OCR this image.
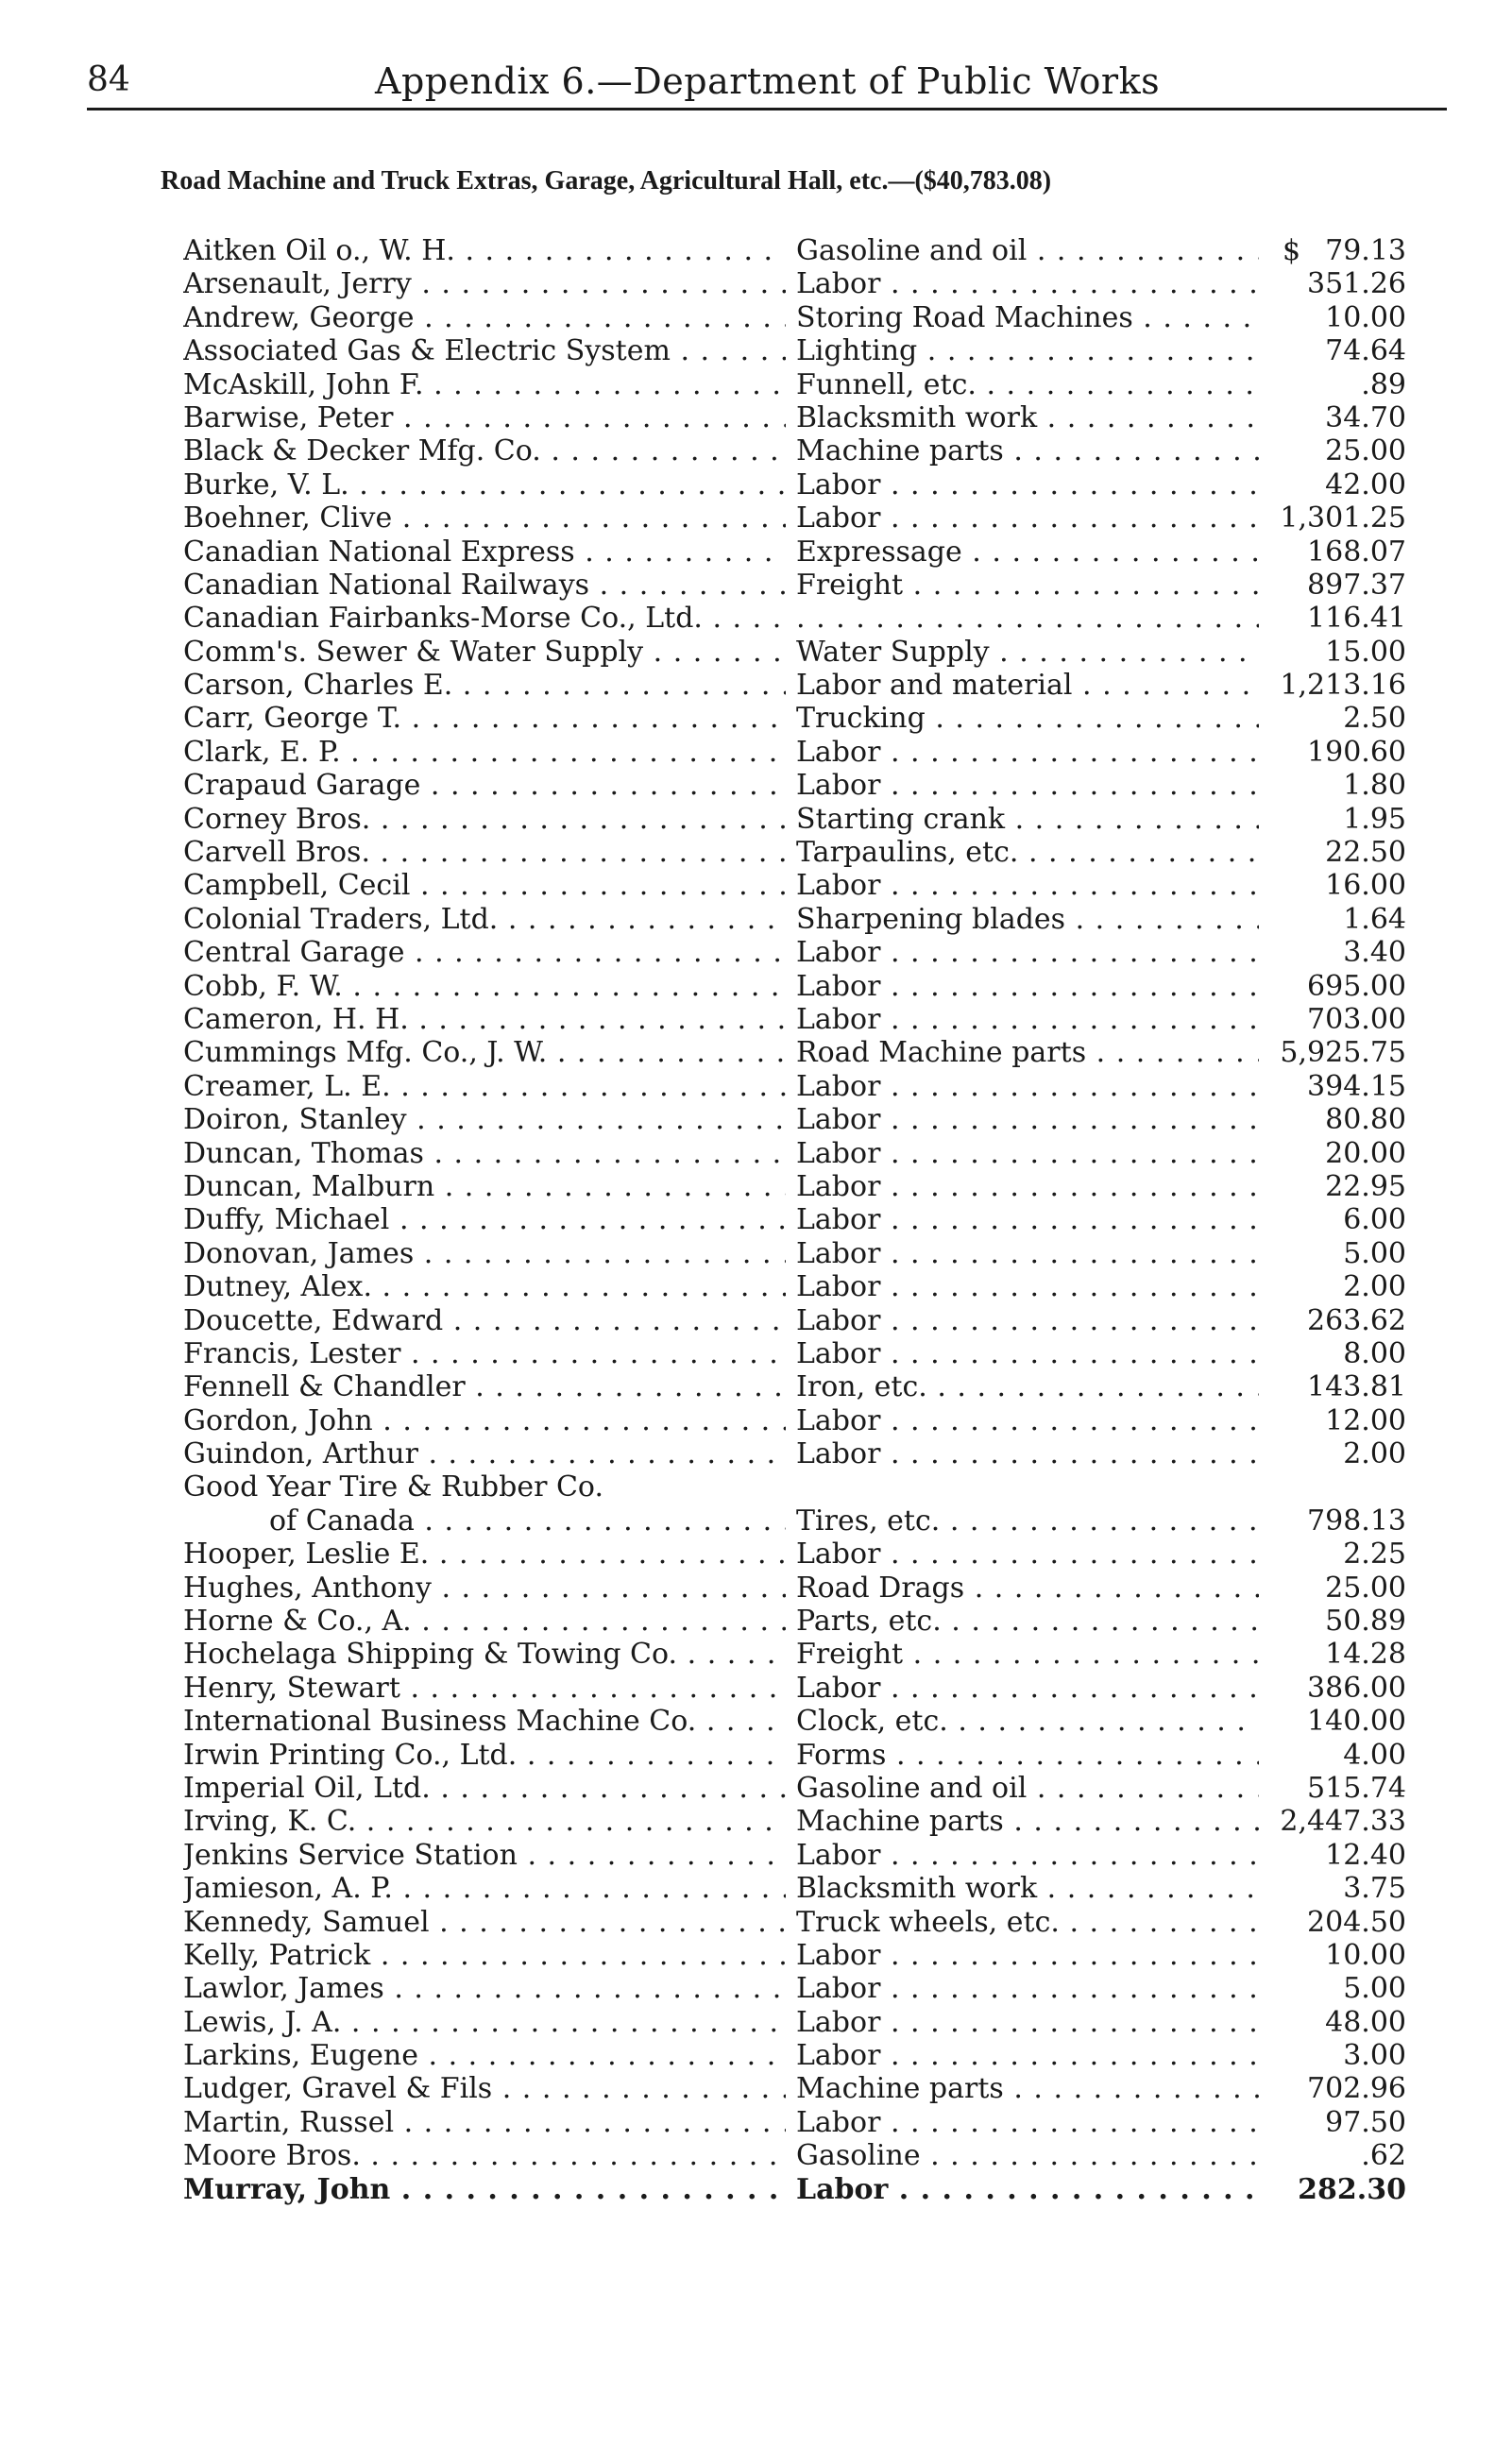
84	Appendix 6.—Department of Public Works
Road Machine and Truck Extras, Garage, Agricultural Hall, etc.—($40,783.08)
Aitken Oil o., W. H. . . .	Gasoline and oil . . .	$ 79.13
Arsenault, Jerry . . .	Labor . . .	351.26
Andrew, George . . .	Storing Road Machines . . .	10.00
Associated Gas & Electric System . . .	Lighting . . .	74.64
McAskill, John F. . . .	Funnell, etc. . . .	.89
Barwise, Peter . . .	Blacksmith work . . .	34.70
Black & Decker Mfg. Co. . . .	Machine parts . . .	25.00
Burke, V. L. . . .	Labor . . .	42.00
Boehner, Clive . . .	Labor . . .	1,301.25
Canadian National Express . . .	Expressage . . .	168.07
Canadian National Railways . . .	Freight . . .	897.37
Canadian Fairbanks-Morse Co., Ltd. . . .
. . .	116.41
Comm's. Sewer & Water Supply . . .	Water Supply . . .	15.00
Carson, Charles E. . . .	Labor and material . . .	1,213.16
Carr, George T. . . .	Trucking . . .	2.50
Clark, E. P. . . .	Labor . . .	190.60
Crapaud Garage . . .	Labor . . .	1.80
Corney Bros. . . .	Starting crank . . .	1.95
Carvell Bros. . . .	Tarpaulins, etc. . . .	22.50
Campbell, Cecil . . .	Labor . . .	16.00
Colonial Traders, Ltd. . . .	Sharpening blades . . .	1.64
Central Garage . . .	Labor . . .	3.40
Cobb, F. W. . . .	Labor . . .	695.00
Cameron, H. H. . . .	Labor . . .	703.00
Cummings Mfg. Co., J. W. . . .	Road Machine parts . . .	5,925.75
Creamer, L. E. . . .	Labor . . .	394.15
Doiron, Stanley . . .	Labor . . .	80.80
Duncan, Thomas . . .	Labor . . .	20.00
Duncan, Malburn . . .	Labor . . .	22.95
Duffy, Michael . . .	Labor . . .	6.00
Donovan, James . . .	Labor . . .	5.00
Dutney, Alex. . . .	Labor . . .	2.00
Doucette, Edward . . .	Labor . . .	263.62
Francis, Lester . . .	Labor . . .	8.00
Fennell & Chandler . . .	Iron, etc. . . .	143.81
Gordon, John . . .	Labor . . .	12.00
Guindon, Arthur . . .	Labor . . .	2.00
Good Year Tire & Rubber Co.
of Canada . . .	Tires, etc. . . .	798.13
Hooper, Leslie E. . . .	Labor . . .	2.25
Hughes, Anthony . . .	Road Drags . . .	25.00
Horne & Co., A. . . .	Parts, etc. . . .	50.89
Hochelaga Shipping & Towing Co. . . .	Freight . . .	14.28
Henry, Stewart . . .	Labor . . .	386.00
International Business Machine Co. . . .	Clock, etc. . . .	140.00
Irwin Printing Co., Ltd. . . .	Forms . . .	4.00
Imperial Oil, Ltd. . . .	Gasoline and oil . . .	515.74
Irving, K. C. . . .	Machine parts . . .	2,447.33
Jenkins Service Station . . .	Labor . . .	12.40
Jamieson, A. P. . . .	Blacksmith work . . .	3.75
Kennedy, Samuel . . .	Truck wheels, etc. . . .	204.50
Kelly, Patrick . . .	Labor . . .	10.00
Lawlor, James . . .	Labor . . .	5.00
Lewis, J. A. . . .	Labor . . .	48.00
Larkins, Eugene . . .	Labor . . .	3.00
Ludger, Gravel & Fils . . .	Machine parts . . .	702.96
Martin, Russel . . .	Labor . . .	97.50
Moore Bros. . . .	Gasoline . . .	.62
Murray, John . . .	Labor . . .	282.30
